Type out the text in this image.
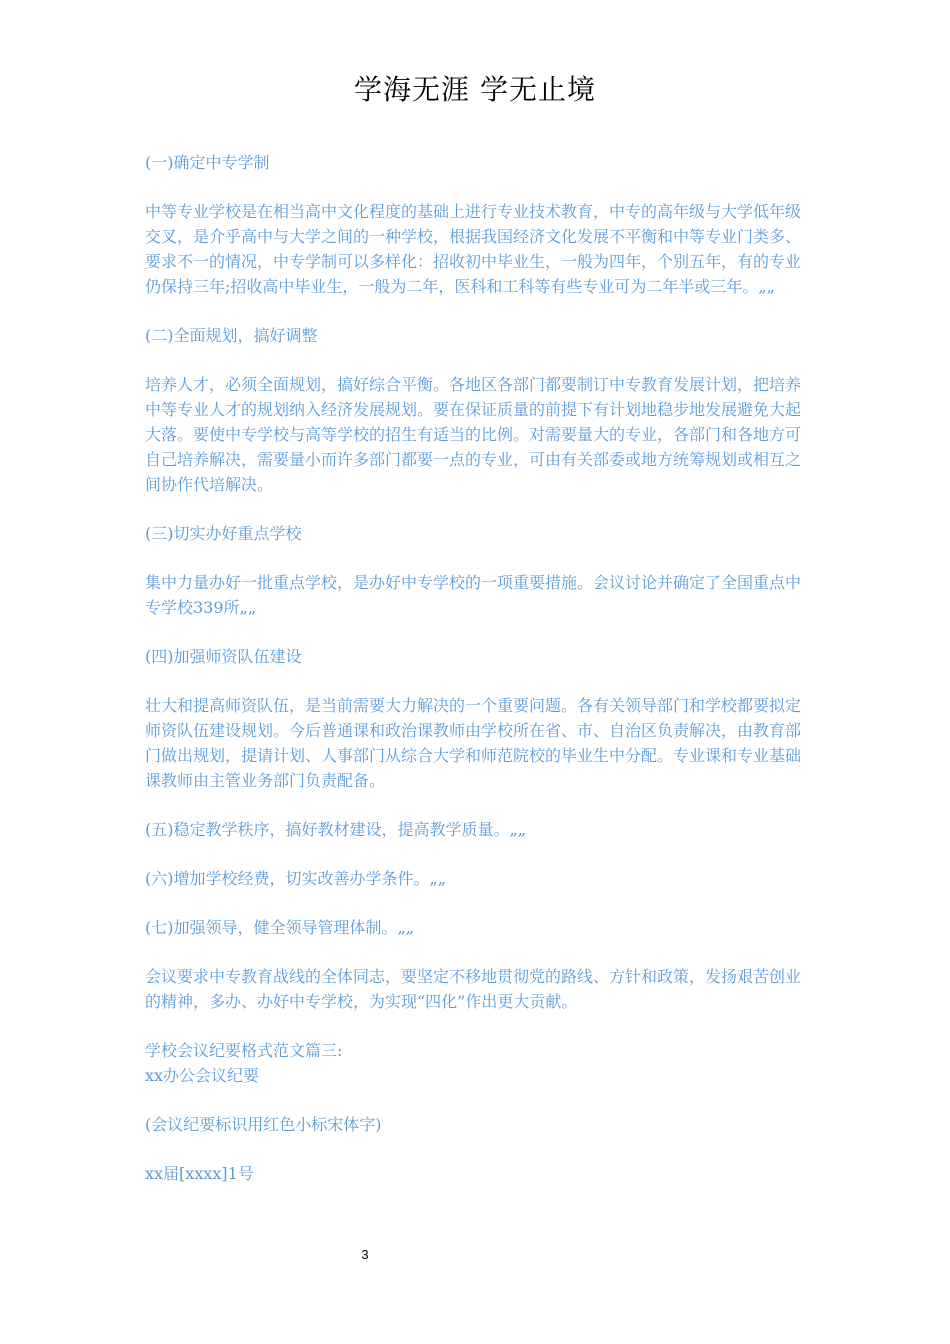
学海无涯 学无止境

(一)确定中专学制

中等专业学校是在相当高中文化程度的基础上进行专业技术教育，中专的高年级与大学低年级交叉，是介乎高中与大学之间的一种学校，根据我国经济文化发展不平衡和中等专业门类多、要求不一的情况，中专学制可以多样化：招收初中毕业生，一般为四年，个别五年，有的专业仍保持三年;招收高中毕业生，一般为二年，医科和工科等有些专业可为二年半或三年。„„

(二)全面规划，搞好调整

培养人才，必须全面规划，搞好综合平衡。各地区各部门都要制订中专教育发展计划，把培养中等专业人才的规划纳入经济发展规划。要在保证质量的前提下有计划地稳步地发展避免大起大落。要使中专学校与高等学校的招生有适当的比例。对需要量大的专业，各部门和各地方可自己培养解决，需要量小而许多部门都要一点的专业，可由有关部委或地方统筹规划或相互之间协作代培解决。

(三)切实办好重点学校

集中力量办好一批重点学校，是办好中专学校的一项重要措施。会议讨论并确定了全国重点中专学校339所„„

(四)加强师资队伍建设

壮大和提高师资队伍，是当前需要大力解决的一个重要问题。各有关领导部门和学校都要拟定师资队伍建设规划。今后普通课和政治课教师由学校所在省、市、自治区负责解决，由教育部门做出规划，提请计划、人事部门从综合大学和师范院校的毕业生中分配。专业课和专业基础课教师由主管业务部门负责配备。

(五)稳定教学秩序，搞好教材建设，提高教学质量。„„

(六)增加学校经费，切实改善办学条件。„„

(七)加强领导，健全领导管理体制。„„

会议要求中专教育战线的全体同志，要坚定不移地贯彻党的路线、方针和政策，发扬艰苦创业的精神，多办、办好中专学校，为实现“四化”作出更大贡献。

学校会议纪要格式范文篇三:

xx办公会议纪要

(会议纪要标识用红色小标宋体字)

xx届[xxxx]1号

3
